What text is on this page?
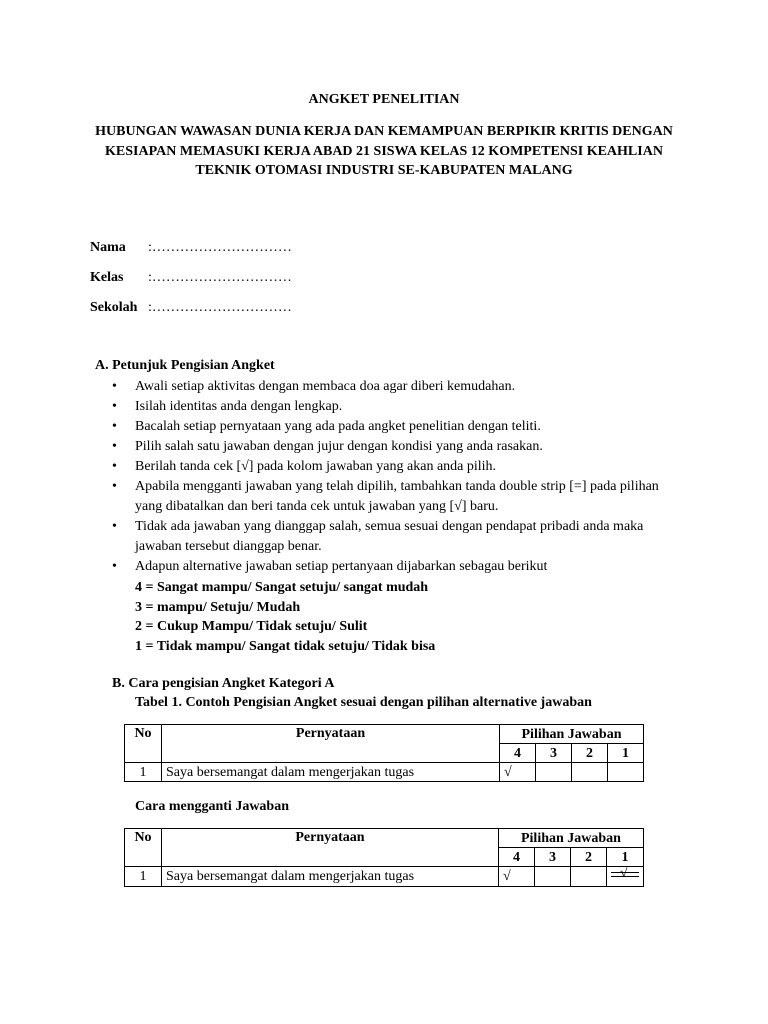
ANGKET PENELITIAN
HUBUNGAN WAWASAN DUNIA KERJA DAN KEMAMPUAN BERPIKIR KRITIS DENGAN KESIAPAN MEMASUKI KERJA ABAD 21 SISWA KELAS 12 KOMPETENSI KEAHLIAN TEKNIK OTOMASI INDUSTRI SE-KABUPATEN MALANG
Nama :…………………………
Kelas :…………………………
Sekolah :…………………………
A. Petunjuk Pengisian Angket
• Awali setiap aktivitas dengan membaca doa agar diberi kemudahan.
• Isilah identitas anda dengan lengkap.
• Bacalah setiap pernyataan yang ada pada angket penelitian dengan teliti.
• Pilih salah satu jawaban dengan jujur dengan kondisi yang anda rasakan.
• Berilah tanda cek [√] pada kolom jawaban yang akan anda pilih.
• Apabila mengganti jawaban yang telah dipilih, tambahkan tanda double strip [=] pada pilihan yang dibatalkan dan beri tanda cek untuk jawaban yang [√] baru.
• Tidak ada jawaban yang dianggap salah, semua sesuai dengan pendapat pribadi anda maka jawaban tersebut dianggap benar.
• Adapun alternative jawaban setiap pertanyaan dijabarkan sebagau berikut
4 = Sangat mampu/ Sangat setuju/ sangat mudah
3 = mampu/ Setuju/ Mudah
2 = Cukup Mampu/ Tidak setuju/ Sulit
1 = Tidak mampu/ Sangat tidak setuju/ Tidak bisa
B. Cara pengisian Angket Kategori A
Tabel 1. Contoh Pengisian Angket sesuai dengan pilihan alternative jawaban
No	Pernyataan	Pilihan Jawaban			
		4	3	2	1
1	Saya bersemangat dalam mengerjakan tugas	√			
Cara mengganti Jawaban
No	Pernyataan	Pilihan Jawaban			
		4	3	2	1
1	Saya bersemangat dalam mengerjakan tugas	√			√
